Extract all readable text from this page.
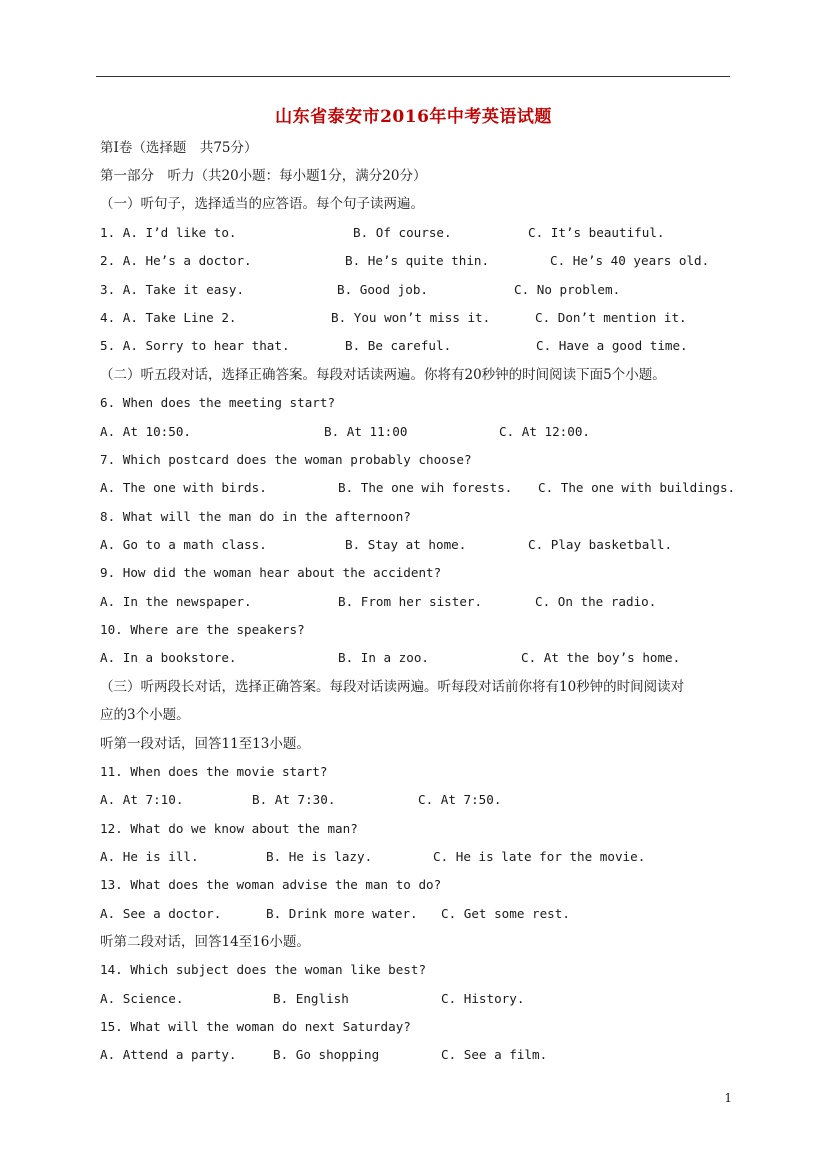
山东省泰安市2016年中考英语试题
第Ⅰ卷（选择题　共75分）
第一部分　听力（共20小题：每小题1分，满分20分）
（一）听句子，选择适当的应答语。每个句子读两遍。
1. A. I’d like to.	B. Of course.	C. It’s beautiful.
2. A. He’s a doctor.	B. He’s quite thin.	C. He’s 40 years old.
3. A. Take it easy.	B. Good job.	C. No problem.
4. A. Take Line 2.	B. You won’t miss it.	C. Don’t mention it.
5. A. Sorry to hear that.	B. Be careful.	C. Have a good time.
（二）听五段对话，选择正确答案。每段对话读两遍。你将有20秒钟的时间阅读下面5个小题。
6. When does the meeting start?
A. At 10:50.	B. At 11:00	C. At 12:00.
7. Which postcard does the woman probably choose?
A. The one with birds.	B. The one wih forests. C. The one with buildings.
8. What will the man do in the afternoon?
A. Go to a math class.	B. Stay at home.	C. Play basketball.
9. How did the woman hear about the accident?
A. In the newspaper.	B. From her sister.	C. On the radio.
10. Where are the speakers?
A. In a bookstore.	B. In a zoo.	C. At the boy’s home.
（三）听两段长对话，选择正确答案。每段对话读两遍。听每段对话前你将有10秒钟的时间阅读对
应的3个小题。
听第一段对话，回答11至13小题。
11. When does the movie start?
A. At 7:10.	B. At 7:30.	C. At 7:50.
12. What do we know about the man?
A. He is ill.	B. He is lazy.	C. He is late for the movie.
13. What does the woman advise the man to do?
A. See a doctor.	B. Drink more water. C. Get some rest.
听第二段对话，回答14至16小题。
14. Which subject does the woman like best?
A. Science.	B. English	C. History.
15. What will the woman do next Saturday?
A. Attend a party.	B. Go shopping	C. See a film.
1
